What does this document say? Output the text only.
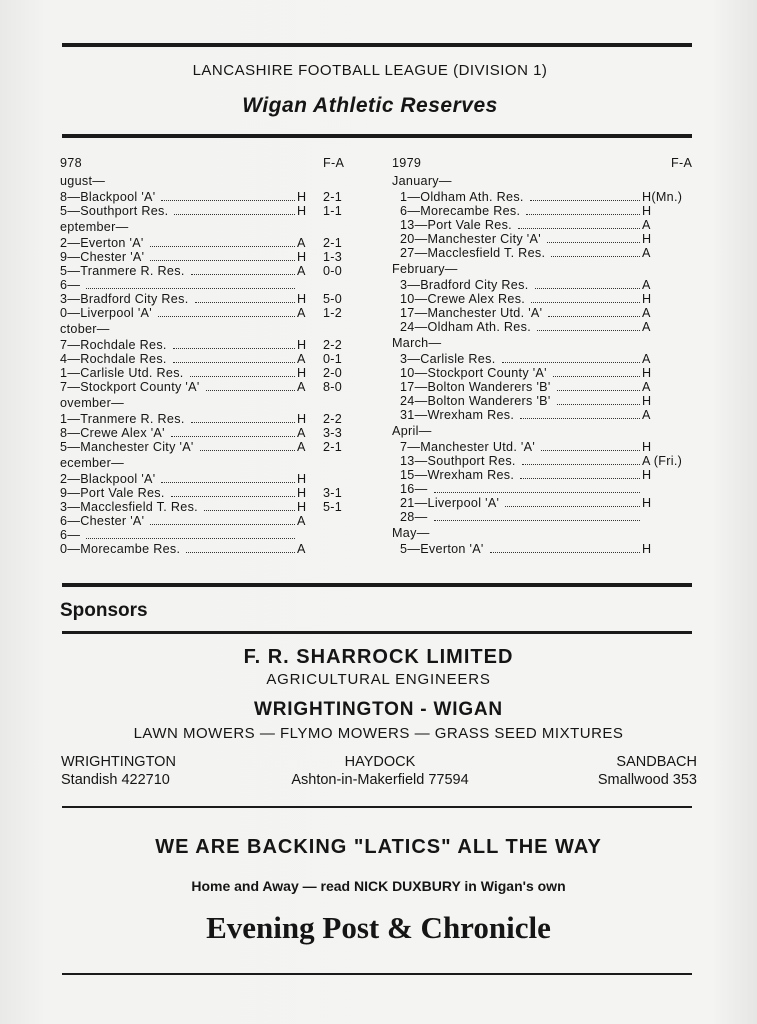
LANCASHIRE FOOTBALL LEAGUE (DIVISION 1)
Wigan Athletic Reserves
978	F-A
ugust—
8—Blackpool 'A'	H 2-1
5—Southport Res.	H 1-1
eptember—
2—Everton 'A'	A 2-1
9—Chester 'A'	H 1-3
5—Tranmere R. Res.	A 0-0
6—
3—Bradford City Res.	H 5-0
0—Liverpool 'A'	A 1-2
ctober—
7—Rochdale Res.	H 2-2
4—Rochdale Res.	A 0-1
1—Carlisle Utd. Res.	H 2-0
7—Stockport County 'A'	A 8-0
ovember—
1—Tranmere R. Res.	H 2-2
8—Crewe Alex 'A'	A 3-3
5—Manchester City 'A'	A 2-1
ecember—
2—Blackpool 'A'	H
9—Port Vale Res.	H 3-1
3—Macclesfield T. Res.	H 5-1
6—Chester 'A'	A
6—
0—Morecambe Res.	A
1979	F-A
January—
1—Oldham Ath. Res.	H(Mn.)
6—Morecambe Res.	H
13—Port Vale Res.	A
20—Manchester City 'A'	H
27—Macclesfield T. Res.	A
February—
3—Bradford City Res.	A
10—Crewe Alex Res.	H
17—Manchester Utd. 'A'	A
24—Oldham Ath. Res.	A
March—
3—Carlisle Res.	A
10—Stockport County 'A'	H
17—Bolton Wanderers 'B'	A
24—Bolton Wanderers 'B'	H
31—Wrexham Res.	A
April—
7—Manchester Utd. 'A'	H
13—Southport Res.	A (Fri.)
15—Wrexham Res.	H
16—
21—Liverpool 'A'	H
28—
May—
5—Everton 'A'	H
Sponsors
F. R. SHARROCK LIMITED
AGRICULTURAL ENGINEERS
WRIGHTINGTON - WIGAN
LAWN MOWERS — FLYMO MOWERS — GRASS SEED MIXTURES
WRIGHTINGTON
Standish 422710
HAYDOCK
Ashton-in-Makerfield 77594
SANDBACH
Smallwood 353
WE ARE BACKING "LATICS" ALL THE WAY
Home and Away — read NICK DUXBURY in Wigan's own
Evening Post & Chronicle
